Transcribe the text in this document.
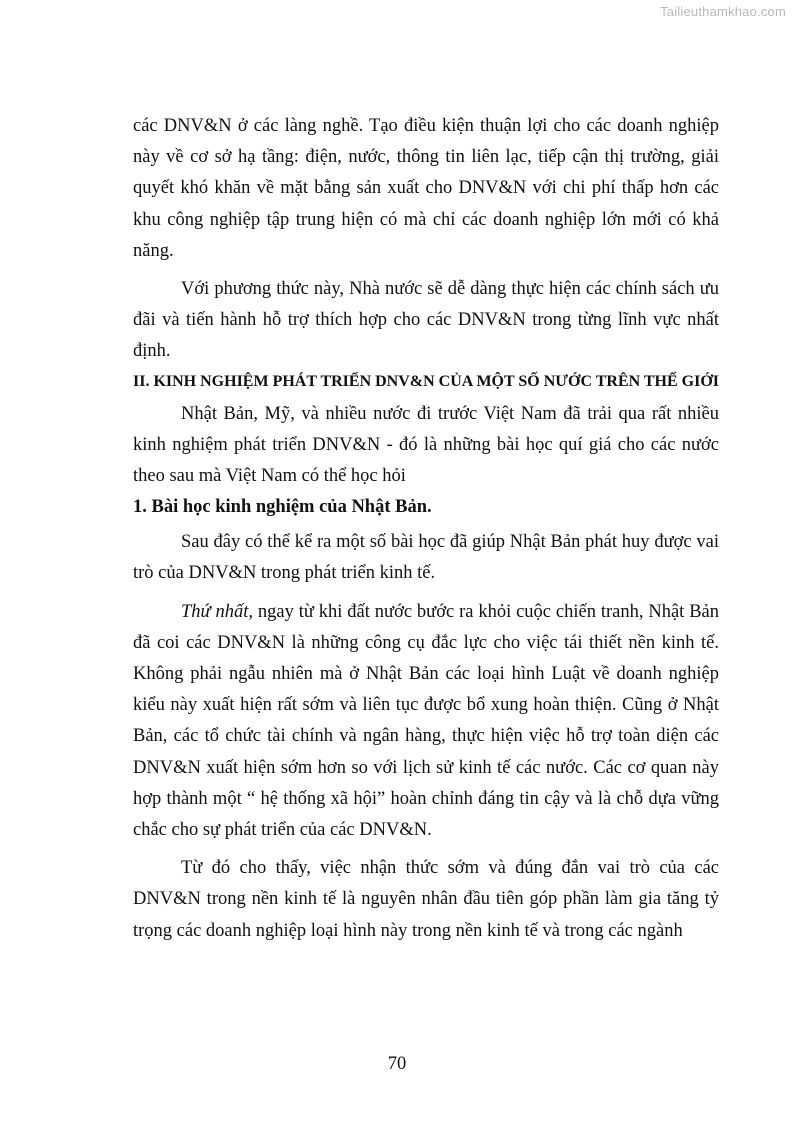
Tailieuthamkhao.com

các DNV&N ở các làng nghề. Tạo điều kiện thuận lợi cho các doanh nghiệp này về cơ sở hạ tầng: điện, nước, thông tin liên lạc, tiếp cận thị trường, giải quyết khó khăn về mặt bằng sản xuất cho DNV&N với chi phí thấp hơn các khu công nghiệp tập trung hiện có mà chỉ các doanh nghiệp lớn mới có khả năng.

Với phương thức này, Nhà nước sẽ dễ dàng thực hiện các chính sách ưu đãi và tiến hành hỗ trợ thích hợp cho các DNV&N trong từng lĩnh vực nhất định.

II. KINH NGHIỆM PHÁT TRIỂN DNV&N CỦA MỘT SỐ NƯỚC TRÊN THẾ GIỚI

Nhật Bản, Mỹ, và nhiều nước đi trước Việt Nam đã trải qua rất nhiều kinh nghiệm phát triển DNV&N - đó là những bài học quí giá cho các nước theo sau mà Việt Nam có thể học hỏi

1. Bài học kinh nghiệm của Nhật Bản.

Sau đây có thể kể ra một số bài học đã giúp Nhật Bản phát huy được vai trò của DNV&N trong phát triển kinh tế.

Thứ nhất, ngay từ khi đất nước bước ra khỏi cuộc chiến tranh, Nhật Bản đã coi các DNV&N là những công cụ đắc lực cho việc tái thiết nền kinh tế. Không phải ngẫu nhiên mà ở Nhật Bản các loại hình Luật về doanh nghiệp kiểu này xuất hiện rất sớm và liên tục được bổ xung hoàn thiện. Cũng ở Nhật Bản, các tổ chức tài chính và ngân hàng, thực hiện việc hỗ trợ toàn diện các DNV&N xuất hiện sớm hơn so với lịch sử kinh tế các nước. Các cơ quan này hợp thành một “ hệ thống xã hội” hoàn chỉnh đáng tin cậy và là chỗ dựa vững chắc cho sự phát triển của các DNV&N.

Từ đó cho thấy, việc nhận thức sớm và đúng đắn vai trò của các DNV&N trong nền kinh tế là nguyên nhân đầu tiên góp phần làm gia tăng tỷ trọng các doanh nghiệp loại hình này trong nền kinh tế và trong các ngành

70
